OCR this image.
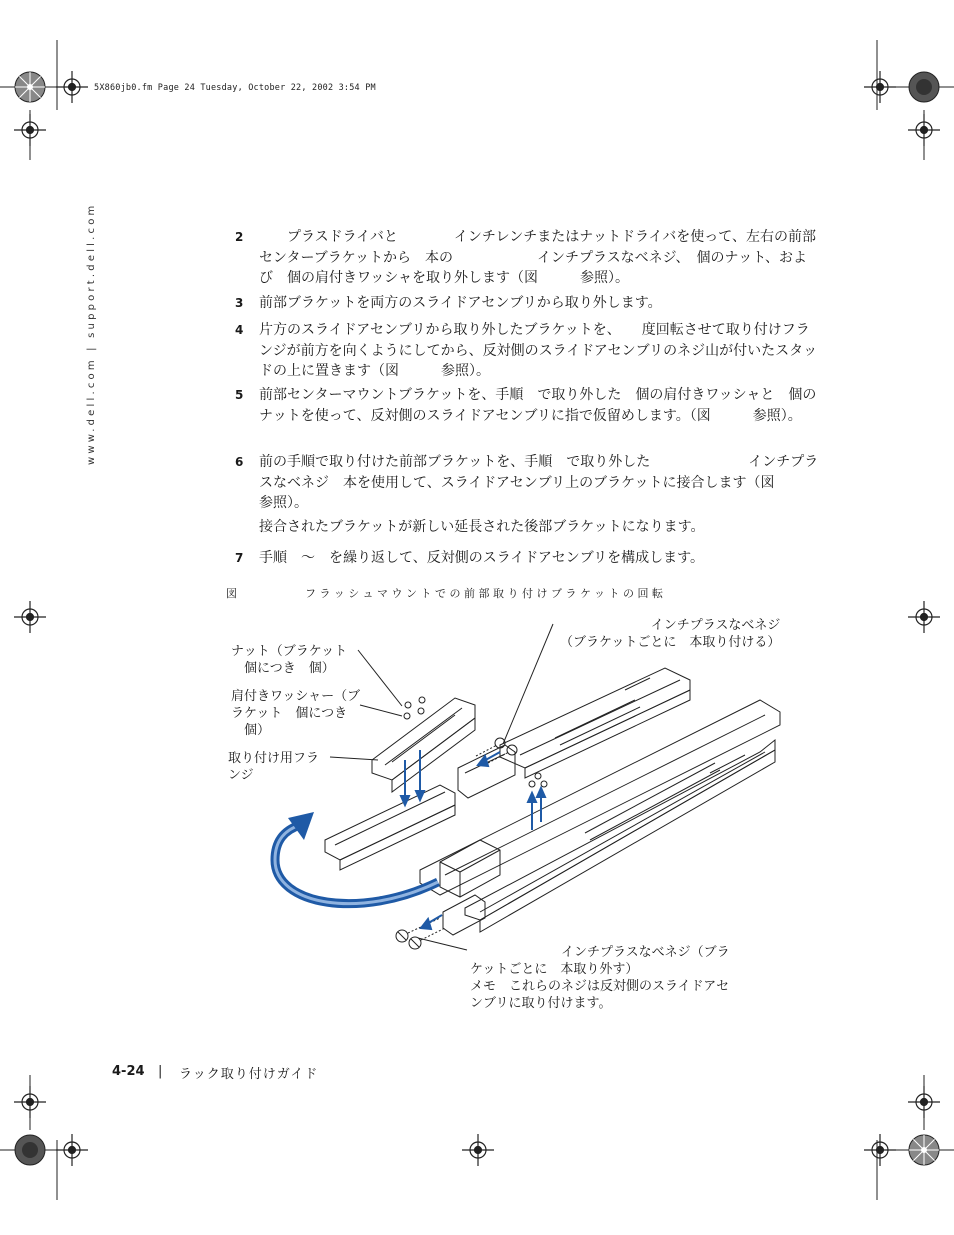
5X860jb0.fm Page 24 Tuesday, October 22, 2002 3:54 PM
www.dell.com | support.dell.com	2 　　プラスドライバと　　　　インチレンチまたはナットドライバを使って、左右の前部センターブラケットから　本の　　　　　　インチプラスなベネジ、　個のナット、および　個の肩付きワッシャを取り外します（図　　　参照）。
3 前部ブラケットを両方のスライドアセンブリから取り外します。
4 片方のスライドアセンブリから取り外したブラケットを、　　度回転させて取り付けフランジが前方を向くようにしてから、反対側のスライドアセンブリのネジ山が付いたスタッドの上に置きます（図　　　参照）。
5 前部センターマウントブラケットを、手順　で取り外した　個の肩付きワッシャと　個のナットを使って、反対側のスライドアセンブリに指で仮留めします。（図　　　参照）。
6 前の手順で取り付けた前部ブラケットを、手順　で取り外した　　　　　　　インチプラスなベネジ　本を使用して、スライドアセンブリ上のブラケットに接合します（図　　　参照）。
接合されたブラケットが新しい延長された後部ブラケットになります。
7 手順　～　を繰り返して、反対側のスライドアセンブリを構成します。
図	フラッシュマウントでの前部取り付けブラケットの回転
ナット（ブラケット
　個につき　個）
肩付きワッシャー（ブ
ラケット　個につき
　個）
取り付け用フラ
ンジ
　　　　インチプラスなべネジ
（ブラケットごとに　本取り付ける）
　　　　　　　インチプラスなべネジ（ブラ
ケットごとに　本取り外す）
メモ　これらのネジは反対側のスライドアセ
ンブリに取り付けます。
4-24 | ラック取り付けガイド
